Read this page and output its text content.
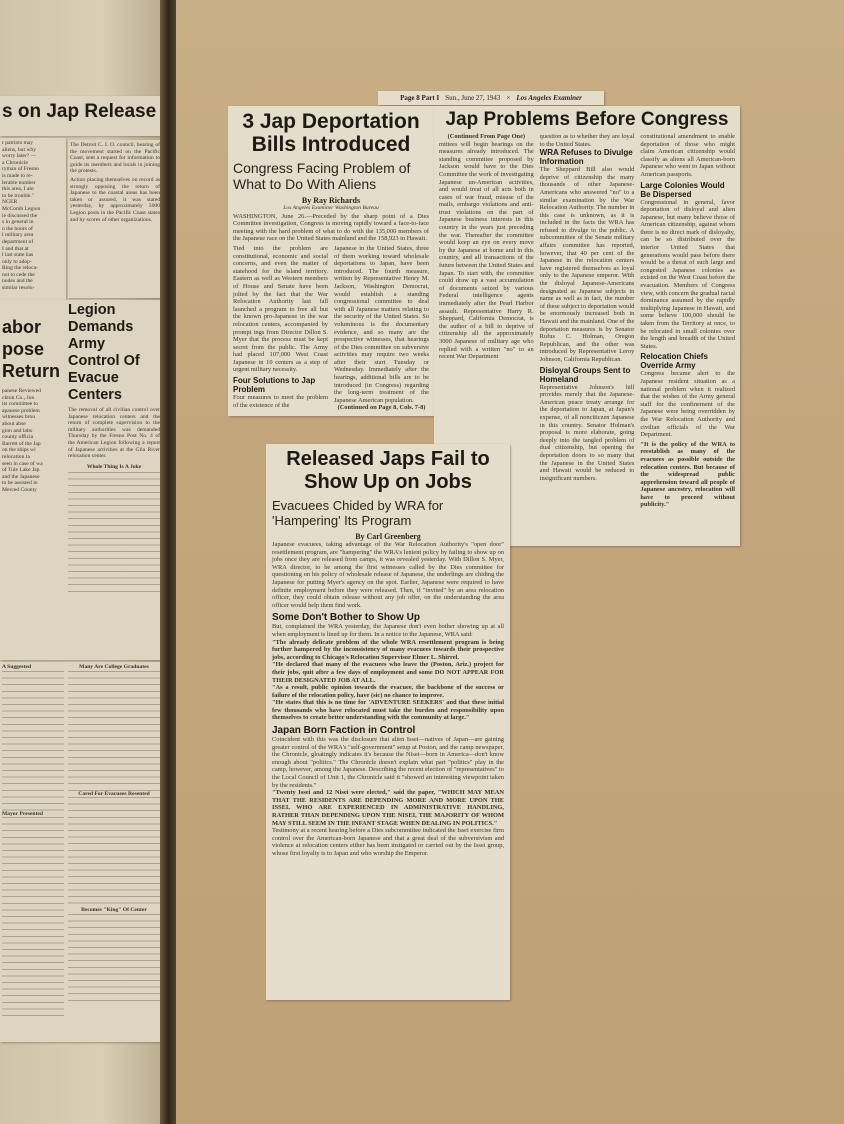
s on Jap Release
r patriots may
aliens, but why
worry later? —
a Chronicle
ryman of Fresno
is made to re-
lerable number
this area, I am
to be trouble."
NGER
McComb Legion
ie discussed the
s in general in
n the hours of
l military area
department of
I and that at
l last state has
only to adop-
Ring the reloca-
not to cede the
nodes and the
similar resolu-
The Detroit C. I. O. council, hearing of the movement started on the Pacific Coast, sent a request for information to guide its members and locals in joining the protests.
Action placing themselves on record as strongly opposing the return of Japanese to the coastal areas has been taken or assured, it was stated yesterday, by approximately 5000 Legion posts in the Pacific Coast states and by scores of other organizations.
abor pose Return
panese Reviewed
ckton Co., Jun
its committee to
apanese problem
witnesses brou
about abse
gion and labo
county officia
Barrett of the Jap
on the ships wi
relocation la
seen in case of wa
of Tule Lake Jap
and the Japanese
to be assisted in
Merced County
Legion Demands Army Control Of Evacue Centers
The removal of all civilian control over Japanese relocation centers and the return of complete supervision to the military authorities was demanded Thursday by the Fresno Post No. 4 of the American Legion following a report of Japanese activities at the Gila River relocation center.
Whole Thing Is A Joke
A Suggested
Mayor Presented
Many Are College Graduates
Cared For Evacuees Resented
Becomes "King" Of Center
Page 8 Part I Sun., June 27, 1943 × Los Angeles Examiner
3 Jap Deportation Bills Introduced
Congress Facing Problem of What to Do With Aliens
By Ray Richards
Los Angeles Examiner Washington Bureau
WASHINGTON, June 26.—Preceded by the sharp point of a Dies Committee investigation, Congress is moving rapidly toward a face-to-face meeting with the hard problem of what to do with the 135,000 members of the Japanese race on the United States mainland and the 158,923 in Hawaii.
Tied into the problem are constitutional, economic and social concerns, and even the matter of statehood for the island territory. Eastern as well as Western members of House and Senate have been jolted by the fact that the War Relocation Authority last fall launched a program to free all but the known pro-Japanese in the war relocation centers, accompanied by prompt ings from Director Dillon S. Myer that the process must be kept secret from the public. The Army had placed 107,000 West Coast Japanese in 10 centers as a step of urgent military necessity.
Four Solutions to Jap Problem
Four measures to meet the problem of the existence of the
Japanese in the United States, three of them working toward wholesale deportations to Japan, have been introduced. The fourth measure, written by Representative Henry M. Jackson, Washington Democrat, would establish a standing congressional committee to deal with all Japanese matters relating to the security of the United States. So voluminous is the documentary evidence, and so many are the prospective witnesses, that hearings of the Dies committee on subversive activities may require two weeks after their start Tuesday or Wednesday. Immediately after the hearings, additional bills are to be introduced (in Congress) regarding the long-term treatment of the Japanese American population.
(Continued on Page 8, Cols. 7-8)
Jap Problems Before Congress
(Continued From Page One)
mittees will begin hearings on the measures already introduced. The standing committee proposed by Jackson would have to the Dies Committee the work of investigating Japanese un-American activities, and would treat of all acts both in cases of war fraud, misuse of the mails, embargo violations and anti-trust violations on the part of Japanese business interests in this country in the years just preceding the war. Thereafter the committee would keep an eye on every move by the Japanese at home and in this country, and all transactions of the future between the United States and Japan. To start with, the committee could draw up a vast accumulation of documents seized by various Federal intelligence agents immediately after the Pearl Harbor assault. Representative Harry R. Sheppard, California Democrat, is the author of a bill to deprive of citizenship all the approximately 3000 Japanese of military age who replied with a written "no" to an recent War Department
question as to whether they are loyal to the United States.
WRA Refuses to Divulge Information
The Sheppard Bill also would deprive of citizenship the many thousands of other Japanese-Americans who answered "no" to a similar examination by the War Relocation Authority. The number in this case is unknown, as it is included in the facts the WRA has refused to divulge to the public. A subcommittee of the Senate military affairs committee has reported, however, that 40 per cent of the Japanese in the relocation centers have registered themselves as loyal only to the Japanese emperor. With the disloyal Japanese-Americans designated as Japanese subjects in name as well as in fact, the number of these subject to deportation would be enormously increased both in Hawaii and the mainland. One of the deportation measures is by Senator Rufus C. Holman, Oregon Republican, and the other was introduced by Representative Leroy Johnson, California Republican.
Disloyal Groups Sent to Homeland
Representative Johnson's bill provides merely that the Japanese-American peace treaty arrange for the deportation to Japan, at Japan's expense, of all nonciticzen Japanese in this country. Senator Holman's proposal is more elaborate, going deeply into the tangled problem of dual citizenship, but opening the deportation doors to so many that the Japanese in the United States and Hawaii would be reduced to insignificant numbers.
constitutional amendment to enable deportation of those who might claim American citizenship would classify as aliens all American-born Japanese who went to Japan without American passports.
Large Colonies Would Be Dispersed
Congressional in general, favor deportation of disloyal and alien Japanese, but many believe those of American citizenship, against whom there is no direct mark of disloyalty, can be so distributed over the interior United States that generations would pass before there would be a threat of such large and congested Japanese colonies as existed on the West Coast before the evacuation. Members of Congress view, with concern the gradual racial dominance assumed by the rapidly multiplying Japanese in Hawaii, and some believe 100,000 should be taken from the Territory at once, to be relocated in small colonies over the length and breadth of the United States.
Relocation Chiefs Override Army
Congress became alert to the Japanese resident situation as a national problem when it realized that the wishes of the Army general staff for the confinement of the Japanese were being overridden by the War Relocation Authority and civilian officials of the War Department.
"It is the policy of the WRA to reestablish as many of the evacuees as possible outside the relocation centers. But because of the widespread public apprehension toward all people of Japanese ancestry, relocation will have to proceed without publicity."
Released Japs Fail to Show Up on Jobs
Evacuees Chided by WRA for 'Hampering' Its Program
By Carl Greenberg
Japanese evacuees, taking advantage of the War Relocation Authority's "open door" resettlement program, are "hampering" the WRA's lenient policy by failing to show up on jobs once they are released from camps, it was revealed yesterday. With Dillon S. Myer, WRA director, to be among the first witnesses called by the Dies committee for questioning on his policy of wholesale release of Japanese, the underlings are chiding the Japanese for putting Myer's agency on the spot. Earlier, Japanese were required to have definite employment before they were released. Then, if "invited" by an area relocation officer, they could obtain release without any job offer, on the understanding the area officer would help them find work.
Some Don't Bother to Show Up
But, complained the WRA yesterday, the Japanese don't even bother showing up at all when employment is lined up for them. In a notice to the Japanese, WRA said:
"The already delicate problem of the whole WRA resettlement program is being further hampered by the inconsistency of many evacuees towards their prospective jobs, according to Chicago's Relocation Supervisor Elmer L. Shirrel.
"He declared that many of the evacuees who leave the (Poston, Ariz.) project for their jobs, quit after a few days of employment and some DO NOT APPEAR FOR THEIR DESIGNATED JOB AT ALL.
"As a result, public opinion towards the evacuee, the backbone of the success or failure of the relocation policy, have (sic) no chance to improve.
"He states that this is no time for 'ADVENTURE SEEKERS' and that these initial few thousands who have relocated must take the burden and responsibility upon themselves to create better understanding with the community at large."
Japan Born Faction in Control
Coincident with this was the disclosure that alien Issei—natives of Japan—are gaining greater control of the WRA's "self-government" setup at Poston, and the camp newspaper, the Chronicle, gloatingly indicates it's because the Nisei—born in America—don't know enough about "politics." The Chronicle doesn't explain what part "politics" play in the camp, however, among the Japanese. Describing the recent election of "representatives" to the Local Council of Unit 1, the Chronicle said it "showed an interesting viewpoint taken by the residents."
"Twenty Issei and 12 Nisei were elected," said the paper, "WHICH MAY MEAN THAT THE RESIDENTS ARE DEPENDING MORE AND MORE UPON THE ISSEI, WHO ARE EXPERIENCED IN ADMINISTRATIVE HANDLING, RATHER THAN DEPENDING UPON THE NISEI, THE MAJORITY OF WHOM MAY STILL SEEM IN THE INFANT STAGE WHEN DEALING IN POLITICS."
Testimony at a recent hearing before a Dies subcommittee indicated the Issei exercise firm control over the American-born Japanese and that a great deal of the subversivism and violence at relocation centers either has been instigated or carried out by the Issei group, whose first loyalty is to Japan and who worship the Emperor.
